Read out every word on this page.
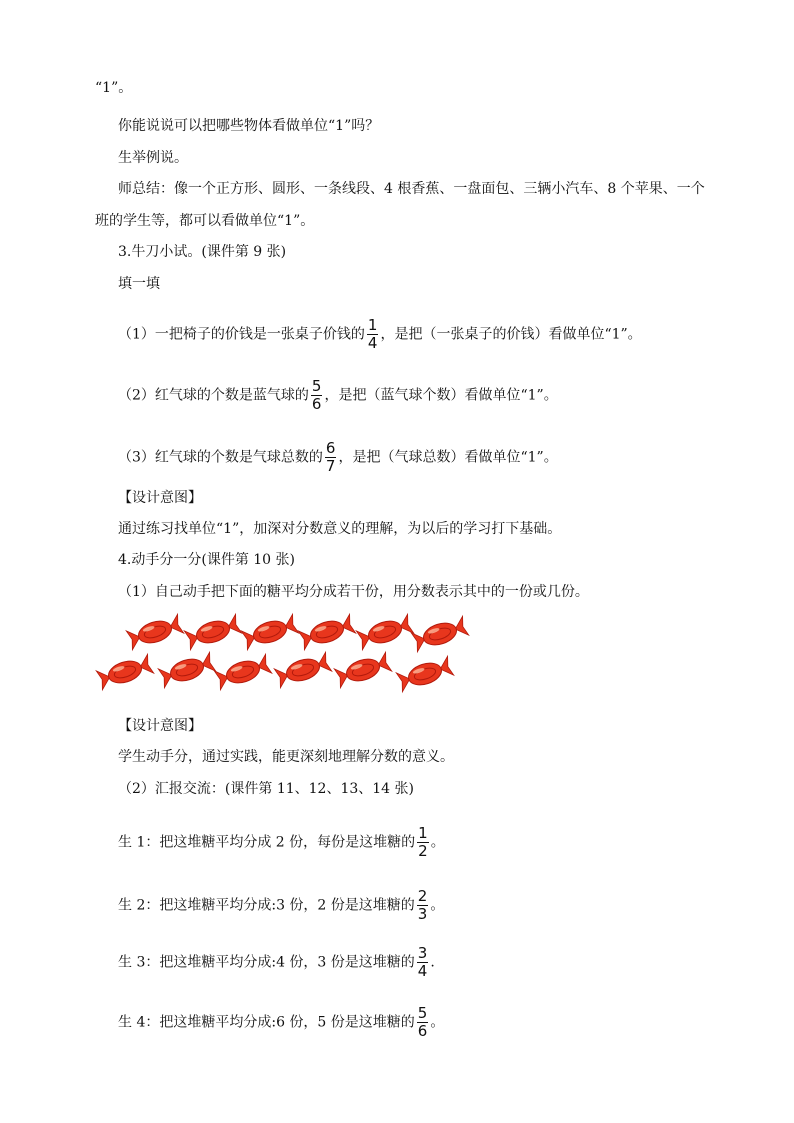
“1”。
你能说说可以把哪些物体看做单位“1”吗？
生举例说。
师总结：像一个正方形、圆形、一条线段、4 根香蕉、一盘面包、三辆小汽车、8 个苹果、一个
班的学生等，都可以看做单位“1”。
3.牛刀小试。(课件第 9 张)
填一填
（1）一把椅子的价钱是一张桌子价钱的 $\frac{1}{4}$ ，是把（一张桌子的价钱）看做单位“1”。
（2）红气球的个数是蓝气球的 $\frac{5}{6}$ ，是把（蓝气球个数）看做单位“1”。
（3）红气球的个数是气球总数的 $\frac{6}{7}$ ，是把（气球总数）看做单位“1”。
【设计意图】
通过练习找单位“1”，加深对分数意义的理解，为以后的学习打下基础。
4.动手分一分(课件第 10 张)
（1）自己动手把下面的糖平均分成若干份，用分数表示其中的一份或几份。
【设计意图】
学生动手分，通过实践，能更深刻地理解分数的意义。
（2）汇报交流：(课件第 11、12、13、14 张)
生 1：把这堆糖平均分成 2 份，每份是这堆糖的 $\frac{1}{2}$ 。
生 2：把这堆糖平均分成:3 份，2 份是这堆糖的 $\frac{2}{3}$ 。
生 3：把这堆糖平均分成:4 份，3 份是这堆糖的 $\frac{3}{4}$ .
生 4：把这堆糖平均分成:6 份，5 份是这堆糖的 $\frac{5}{6}$ 。
